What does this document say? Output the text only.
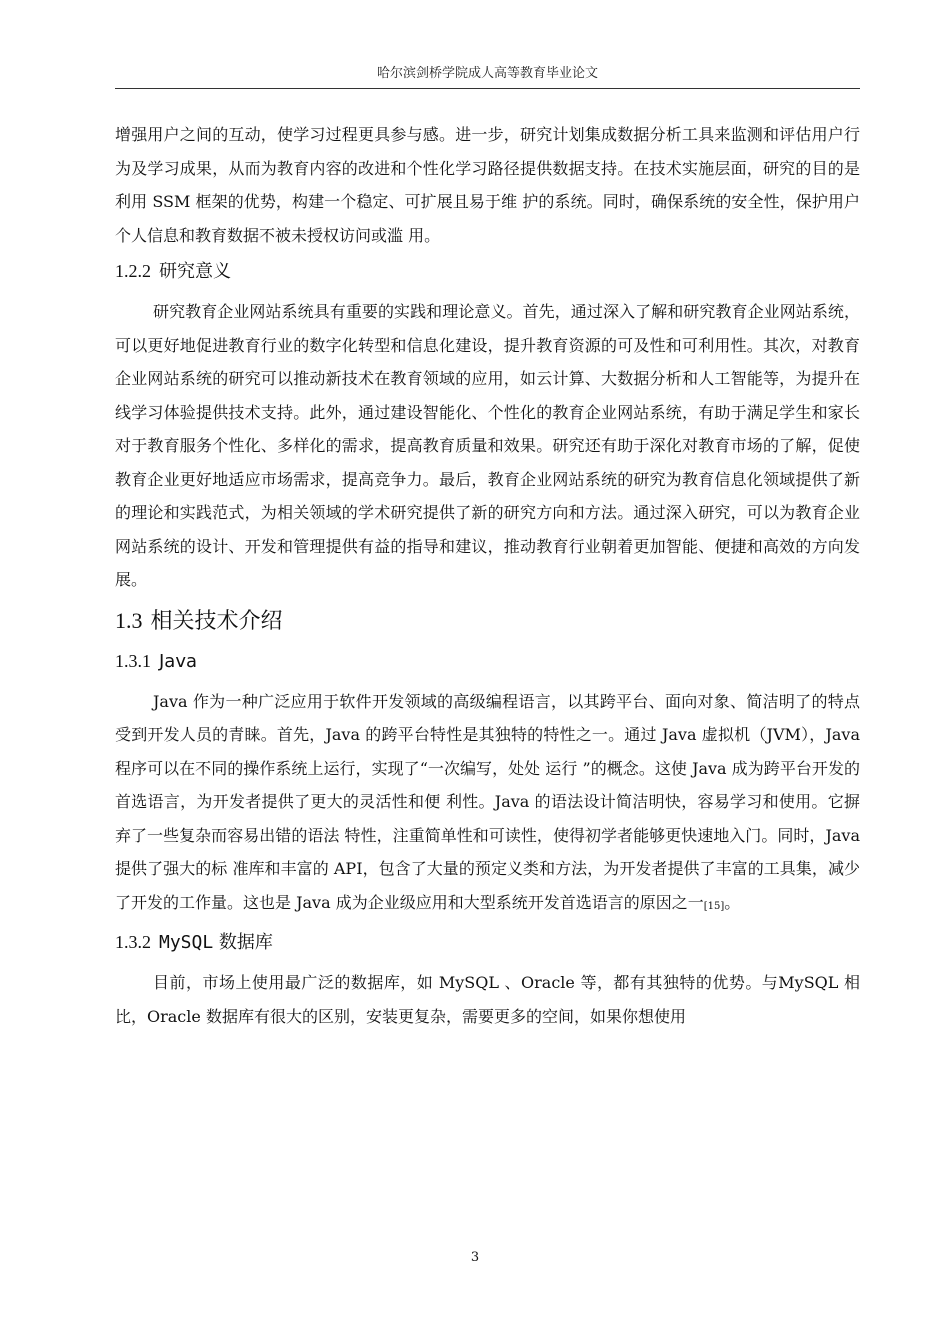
哈尔滨剑桥学院成人高等教育毕业论文

增强用户之间的互动，使学习过程更具参与感。进一步，研究计划集成数据分析工具来监测和评估用户行为及学习成果，从而为教育内容的改进和个性化学习路径提供数据支持。在技术实施层面，研究的目的是利用 SSM 框架的优势，构建一个稳定、可扩展且易于维 护的系统。同时，确保系统的安全性，保护用户个人信息和教育数据不被未授权访问或滥 用。

1.2.2 研究意义

研究教育企业网站系统具有重要的实践和理论意义。首先，通过深入了解和研究教育企业网站系统，可以更好地促进教育行业的数字化转型和信息化建设，提升教育资源的可及性和可利用性。其次，对教育企业网站系统的研究可以推动新技术在教育领域的应用，如云计算、大数据分析和人工智能等，为提升在线学习体验提供技术支持。此外，通过建设智能化、个性化的教育企业网站系统，有助于满足学生和家长对于教育服务个性化、多样化的需求，提高教育质量和效果。研究还有助于深化对教育市场的了解，促使教育企业更好地适应市场需求，提高竞争力。最后，教育企业网站系统的研究为教育信息化领域提供了新的理论和实践范式，为相关领域的学术研究提供了新的研究方向和方法。通过深入研究，可以为教育企业网站系统的设计、开发和管理提供有益的指导和建议，推动教育行业朝着更加智能、便捷和高效的方向发展。

1.3 相关技术介绍
1.3.1 Java

Java 作为一种广泛应用于软件开发领域的高级编程语言，以其跨平台、面向对象、简洁明了的特点受到开发人员的青睐。首先，Java 的跨平台特性是其独特的特性之一。通过 Java 虚拟机（JVM），Java 程序可以在不同的操作系统上运行，实现了“一次编写，处处 运行 ”的概念。这使 Java 成为跨平台开发的首选语言，为开发者提供了更大的灵活性和便 利性。Java 的语法设计简洁明快，容易学习和使用。它摒弃了一些复杂而容易出错的语法 特性，注重简单性和可读性，使得初学者能够更快速地入门。同时，Java 提供了强大的标 准库和丰富的 API，包含了大量的预定义类和方法，为开发者提供了丰富的工具集，减少 了开发的工作量。这也是 Java 成为企业级应用和大型系统开发首选语言的原因之一[15]。

1.3.2 MySQL 数据库

目前，市场上使用最广泛的数据库，如 MySQL 、Oracle 等，都有其独特的优势。与MySQL 相比，Oracle 数据库有很大的区别，安装更复杂，需要更多的空间，如果你想使用

3
